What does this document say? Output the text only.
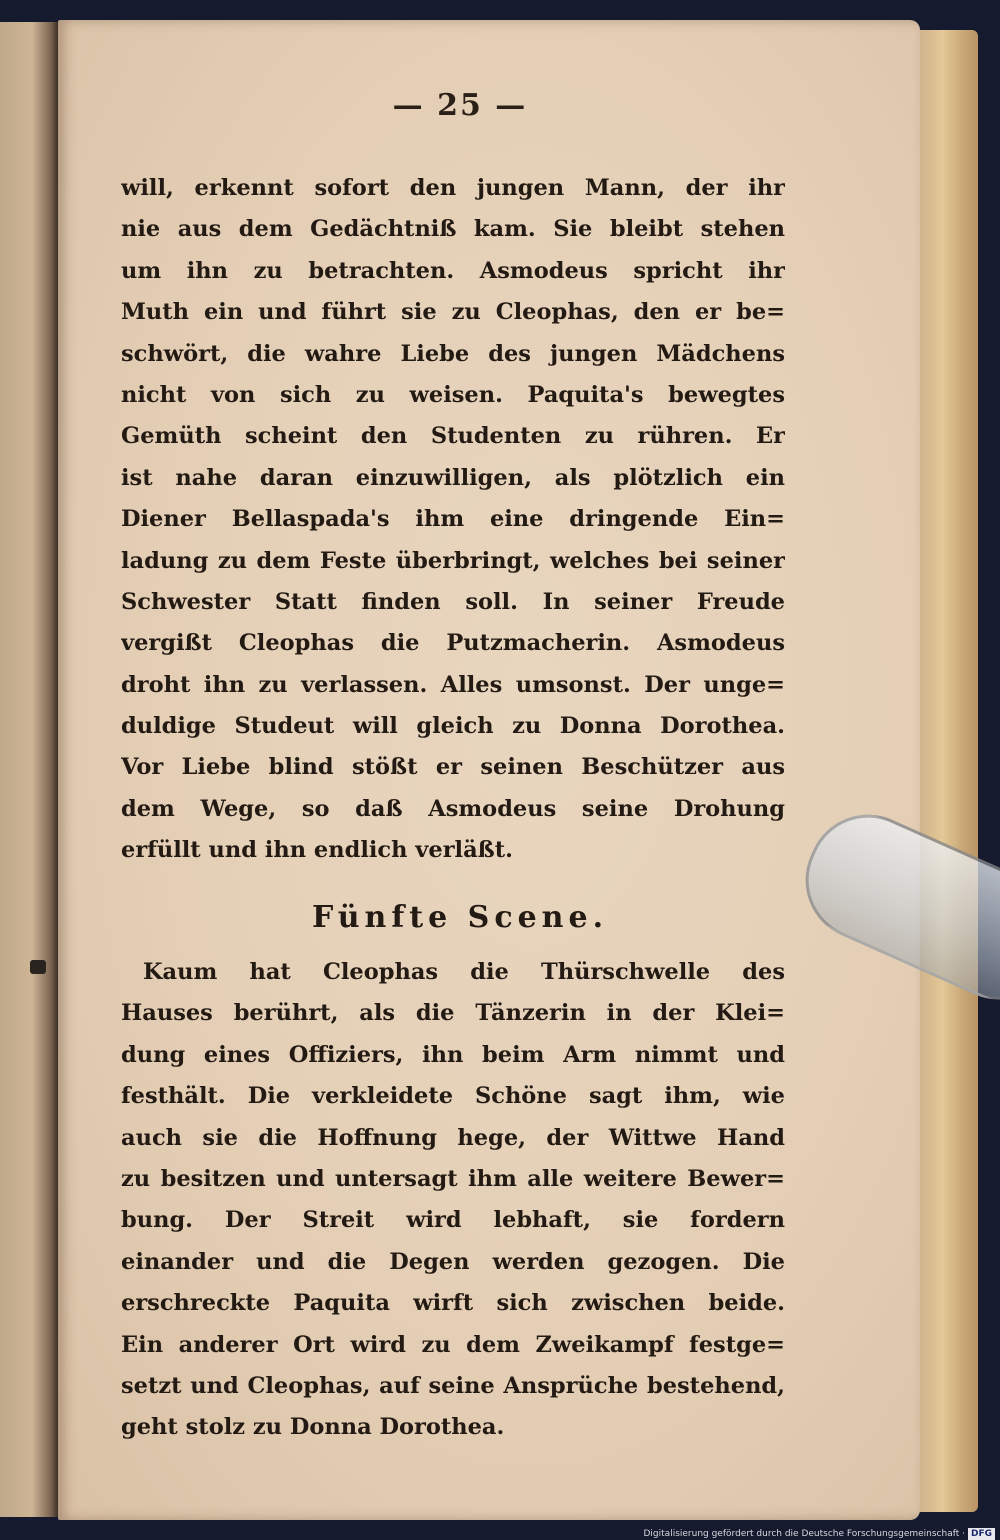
— 25 —
will, erkennt sofort den jungen Mann, der ihr
nie aus dem Gedächtniß kam. Sie bleibt stehen
um ihn zu betrachten. Asmodeus spricht ihr
Muth ein und führt sie zu Cleophas, den er be=
schwört, die wahre Liebe des jungen Mädchens
nicht von sich zu weisen. Paquita's bewegtes
Gemüth scheint den Studenten zu rühren. Er
ist nahe daran einzuwilligen, als plötzlich ein
Diener Bellaspada's ihm eine dringende Ein=
ladung zu dem Feste überbringt, welches bei seiner
Schwester Statt finden soll. In seiner Freude
vergißt Cleophas die Putzmacherin. Asmodeus
droht ihn zu verlassen. Alles umsonst. Der unge=
duldige Studeut will gleich zu Donna Dorothea.
Vor Liebe blind stößt er seinen Beschützer aus
dem Wege, so daß Asmodeus seine Drohung
erfüllt und ihn endlich verläßt.
Fünfte Scene.
Kaum hat Cleophas die Thürschwelle des
Hauses berührt, als die Tänzerin in der Klei=
dung eines Offiziers, ihn beim Arm nimmt und
festhält. Die verkleidete Schöne sagt ihm, wie
auch sie die Hoffnung hege, der Wittwe Hand
zu besitzen und untersagt ihm alle weitere Bewer=
bung. Der Streit wird lebhaft, sie fordern
einander und die Degen werden gezogen. Die
erschreckte Paquita wirft sich zwischen beide.
Ein anderer Ort wird zu dem Zweikampf festge=
setzt und Cleophas, auf seine Ansprüche bestehend,
geht stolz zu Donna Dorothea.
Digitalisierung gefördert durch die Deutsche Forschungsgemeinschaft · DFG
